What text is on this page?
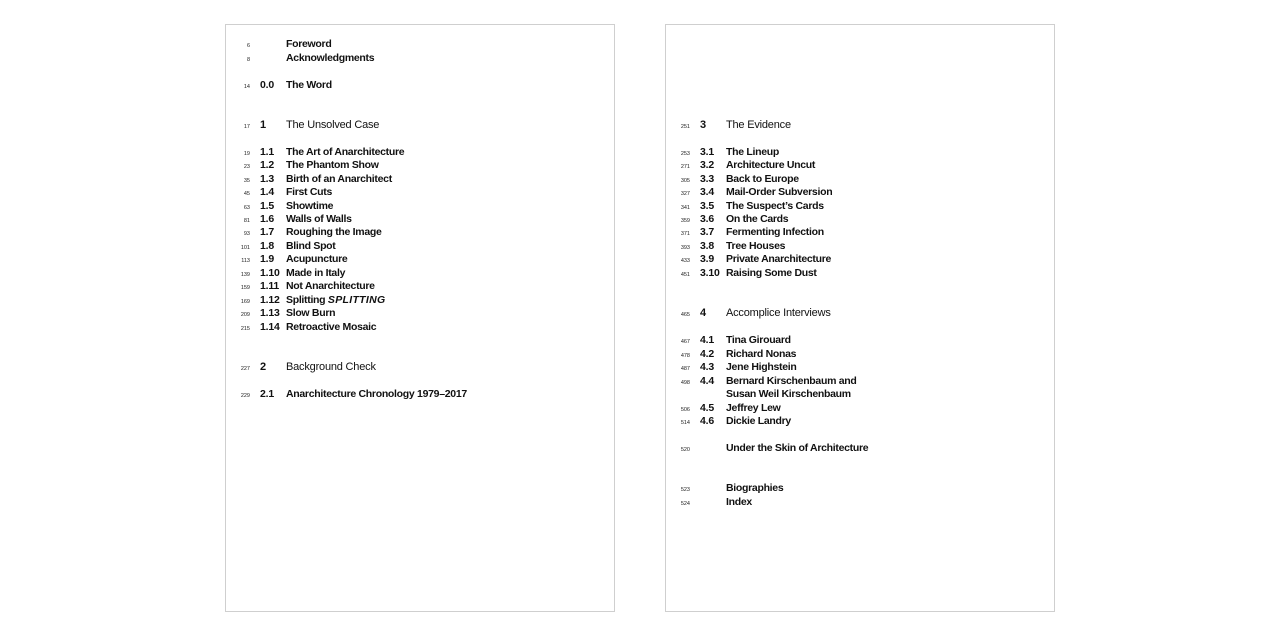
6	Foreword
8	Acknowledgments
14 0.0 The Word
17 1 The Unsolved Case
19 1.1 The Art of Anarchitecture
23 1.2 The Phantom Show
35 1.3 Birth of an Anarchitect
45 1.4 First Cuts
63 1.5 Showtime
81 1.6 Walls of Walls
93 1.7 Roughing the Image
101 1.8 Blind Spot
113 1.9 Acupuncture
139 1.10 Made in Italy
159 1.11 Not Anarchitecture
169 1.12 Splitting SPLITTING
209 1.13 Slow Burn
215 1.14 Retroactive Mosaic
227 2 Background Check
229 2.1 Anarchitecture Chronology 1979–2017
251 3 The Evidence
253 3.1 The Lineup
271 3.2 Architecture Uncut
305 3.3 Back to Europe
327 3.4 Mail-Order Subversion
341 3.5 The Suspect’s Cards
359 3.6 On the Cards
371 3.7 Fermenting Infection
393 3.8 Tree Houses
433 3.9 Private Anarchitecture
451 3.10 Raising Some Dust
465 4 Accomplice Interviews
467 4.1 Tina Girouard
478 4.2 Richard Nonas
487 4.3 Jene Highstein
498 4.4 Bernard Kirschenbaum and
Susan Weil Kirschenbaum
506 4.5 Jeffrey Lew
514 4.6 Dickie Landry
520	Under the Skin of Architecture
523	Biographies
524	Index
